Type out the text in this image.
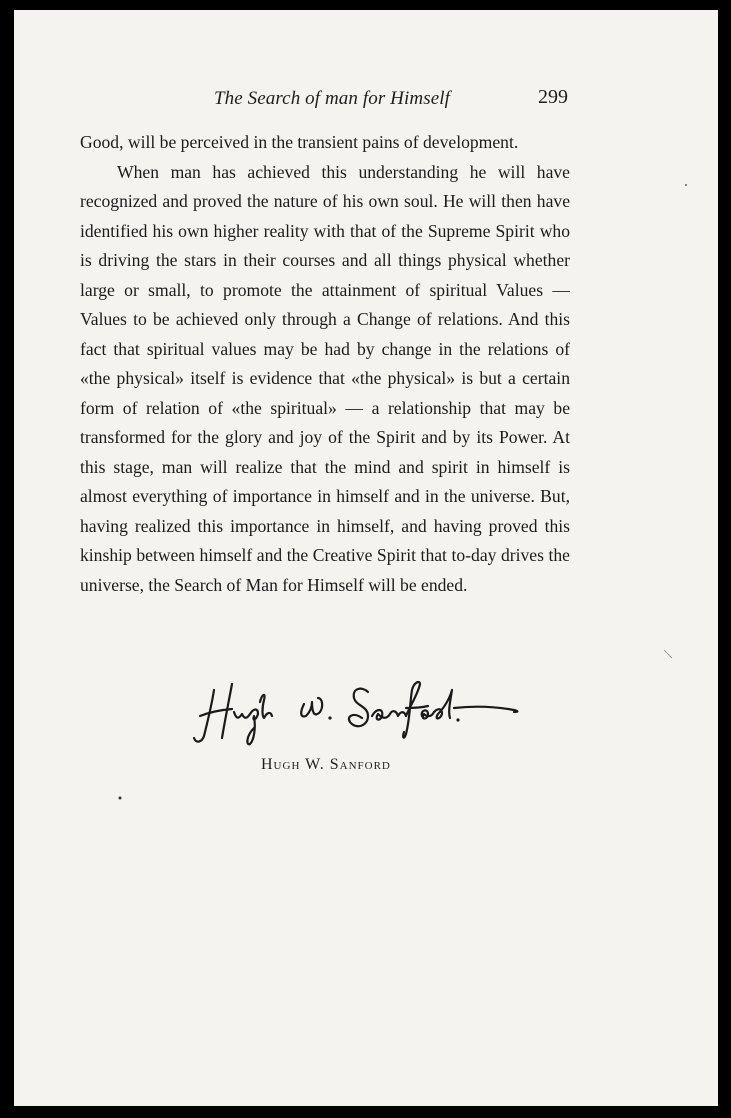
The Search of man for Himself	299

Good, will be perceived in the transient pains of development.

When man has achieved this understanding he will have recognized and proved the nature of his own soul. He will then have identified his own higher reality with that of the Supreme Spirit who is driving the stars in their courses and all things physical whether large or small, to promote the attainment of spiritual Values — Values to be achieved only through a Change of relations. And this fact that spiritual values may be had by change in the relations of «the physical» itself is evidence that «the physical» is but a certain form of relation of «the spiritual» — a relationship that may be transformed for the glory and joy of the Spirit and by its Power. At this stage, man will realize that the mind and spirit in himself is almost everything of importance in himself and in the universe. But, having realized this importance in himself, and having proved this kinship between himself and the Creative Spirit that to-day drives the universe, the Search of Man for Himself will be ended.

Hugh W. Sanford
